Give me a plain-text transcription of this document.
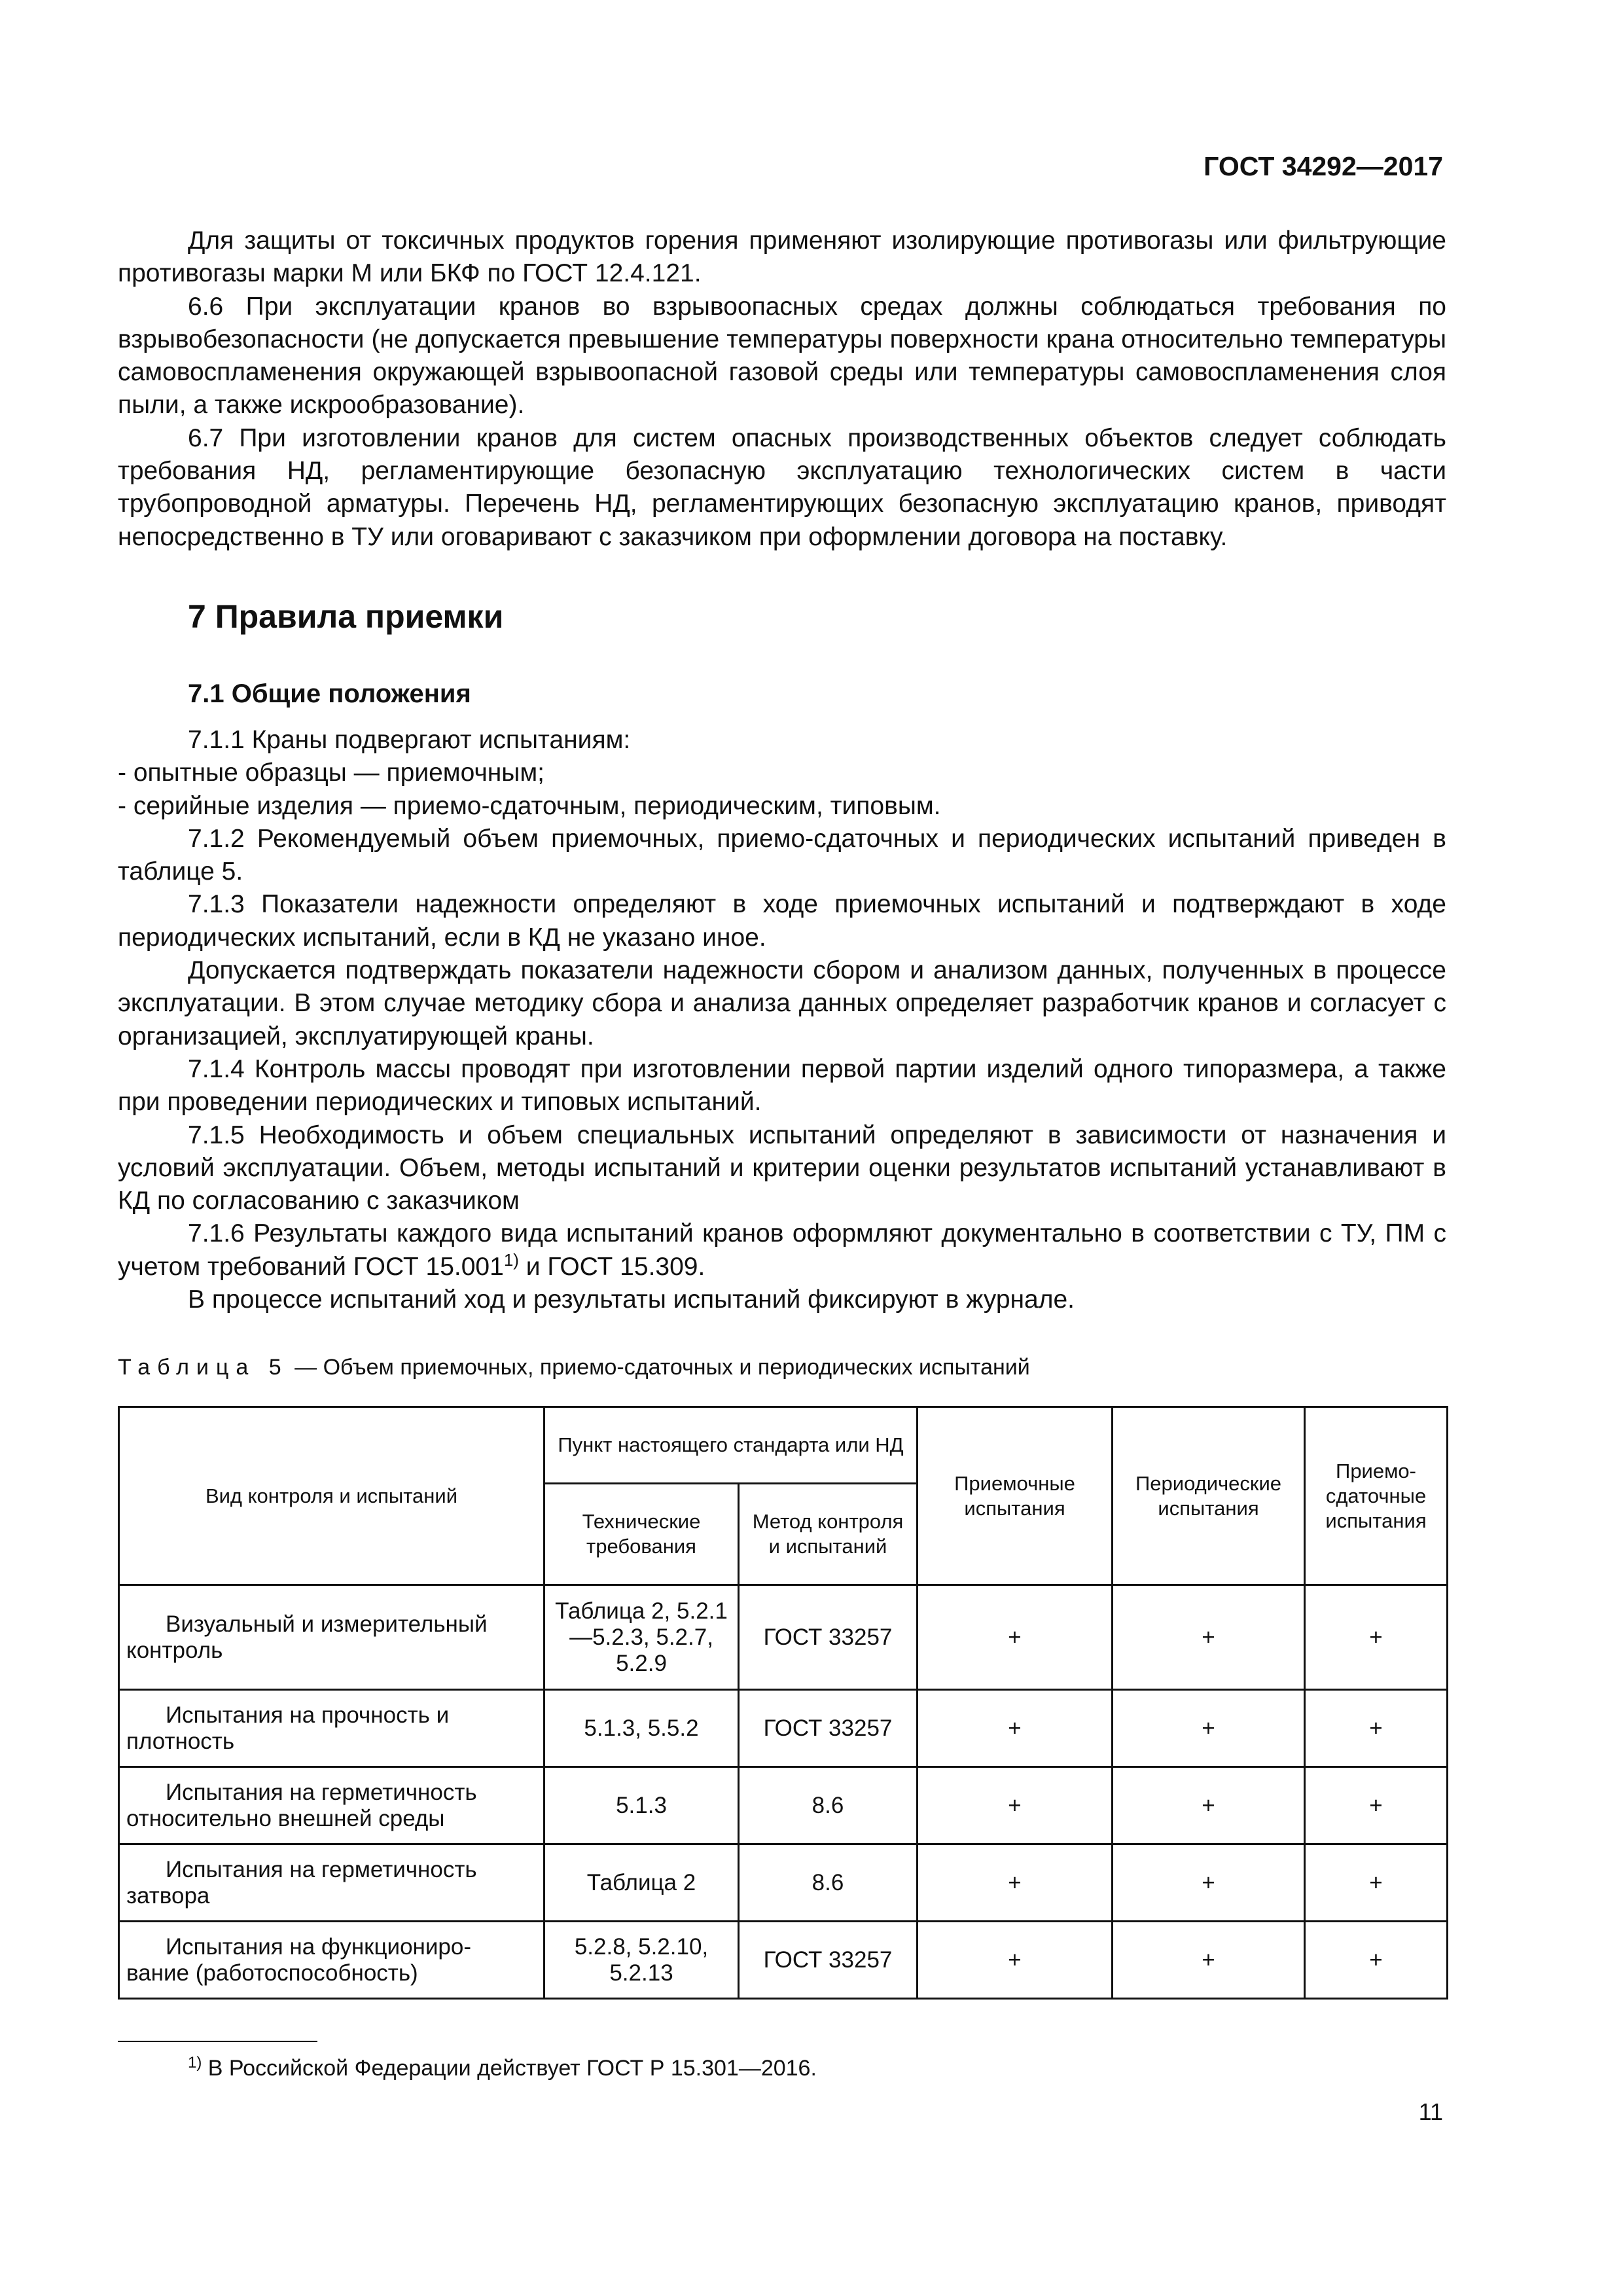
ГОСТ 34292—2017

Для защиты от токсичных продуктов горения применяют изолирующие противогазы или фильтрующие противогазы марки М или БКФ по ГОСТ 12.4.121.

6.6 При эксплуатации кранов во взрывоопасных средах должны соблюдаться требования по взрывобезопасности (не допускается превышение температуры поверхности крана относительно температуры самовоспламенения окружающей взрывоопасной газовой среды или температуры самовоспламенения слоя пыли, а также искрообразование).

6.7 При изготовлении кранов для систем опасных производственных объектов следует соблюдать требования НД, регламентирующие безопасную эксплуатацию технологических систем в части трубопроводной арматуры. Перечень НД, регламентирующих безопасную эксплуатацию кранов, приводят непосредственно в ТУ или оговаривают с заказчиком при оформлении договора на поставку.

7 Правила приемки
7.1 Общие положения

7.1.1 Краны подвергают испытаниям:

- опытные образцы — приемочным;

- серийные изделия — приемо-сдаточным, периодическим, типовым.

7.1.2 Рекомендуемый объем приемочных, приемо-сдаточных и периодических испытаний приведен в таблице 5.

7.1.3 Показатели надежности определяют в ходе приемочных испытаний и подтверждают в ходе периодических испытаний, если в КД не указано иное.

Допускается подтверждать показатели надежности сбором и анализом данных, полученных в процессе эксплуатации. В этом случае методику сбора и анализа данных определяет разработчик кранов и согласует с организацией, эксплуатирующей краны.

7.1.4 Контроль массы проводят при изготовлении первой партии изделий одного типоразмера, а также при проведении периодических и типовых испытаний.

7.1.5 Необходимость и объем специальных испытаний определяют в зависимости от назначения и условий эксплуатации. Объем, методы испытаний и критерии оценки результатов испытаний устанавливают в КД по согласованию с заказчиком

7.1.6 Результаты каждого вида испытаний кранов оформляют документально в соответствии с ТУ, ПМ с учетом требований ГОСТ 15.001$^{1)}$ и ГОСТ 15.309.

В процессе испытаний ход и результаты испытаний фиксируют в журнале.

Таблица 5 — Объем приемочных, приемо-сдаточных и периодических испытаний
Вид контроля и испытаний	Пункт настоящего стандарта или НД		Приемочные испытания	Периодические испытания	Приемо-сдаточные испытания
	Технические требования	Метод контроля и испытаний			

Визуальный и измерительный
контроль	Таблица 2, 5.2.1—5.2.3, 5.2.7, 5.2.9	ГОСТ 33257	+	+	+

Испытания на прочность и
плотность	5.1.3, 5.5.2	ГОСТ 33257	+	+	+

Испытания на герметичность
относительно внешней среды	5.1.3	8.6	+	+	+

Испытания на герметичность
затвора	Таблица 2	8.6	+	+	+

Испытания на функциониро-
вание (работоспособность)	5.2.8, 5.2.10, 5.2.13	ГОСТ 33257	+	+	+
$^{1)}$ В Российской Федерации действует ГОСТ Р 15.301—2016.
11
